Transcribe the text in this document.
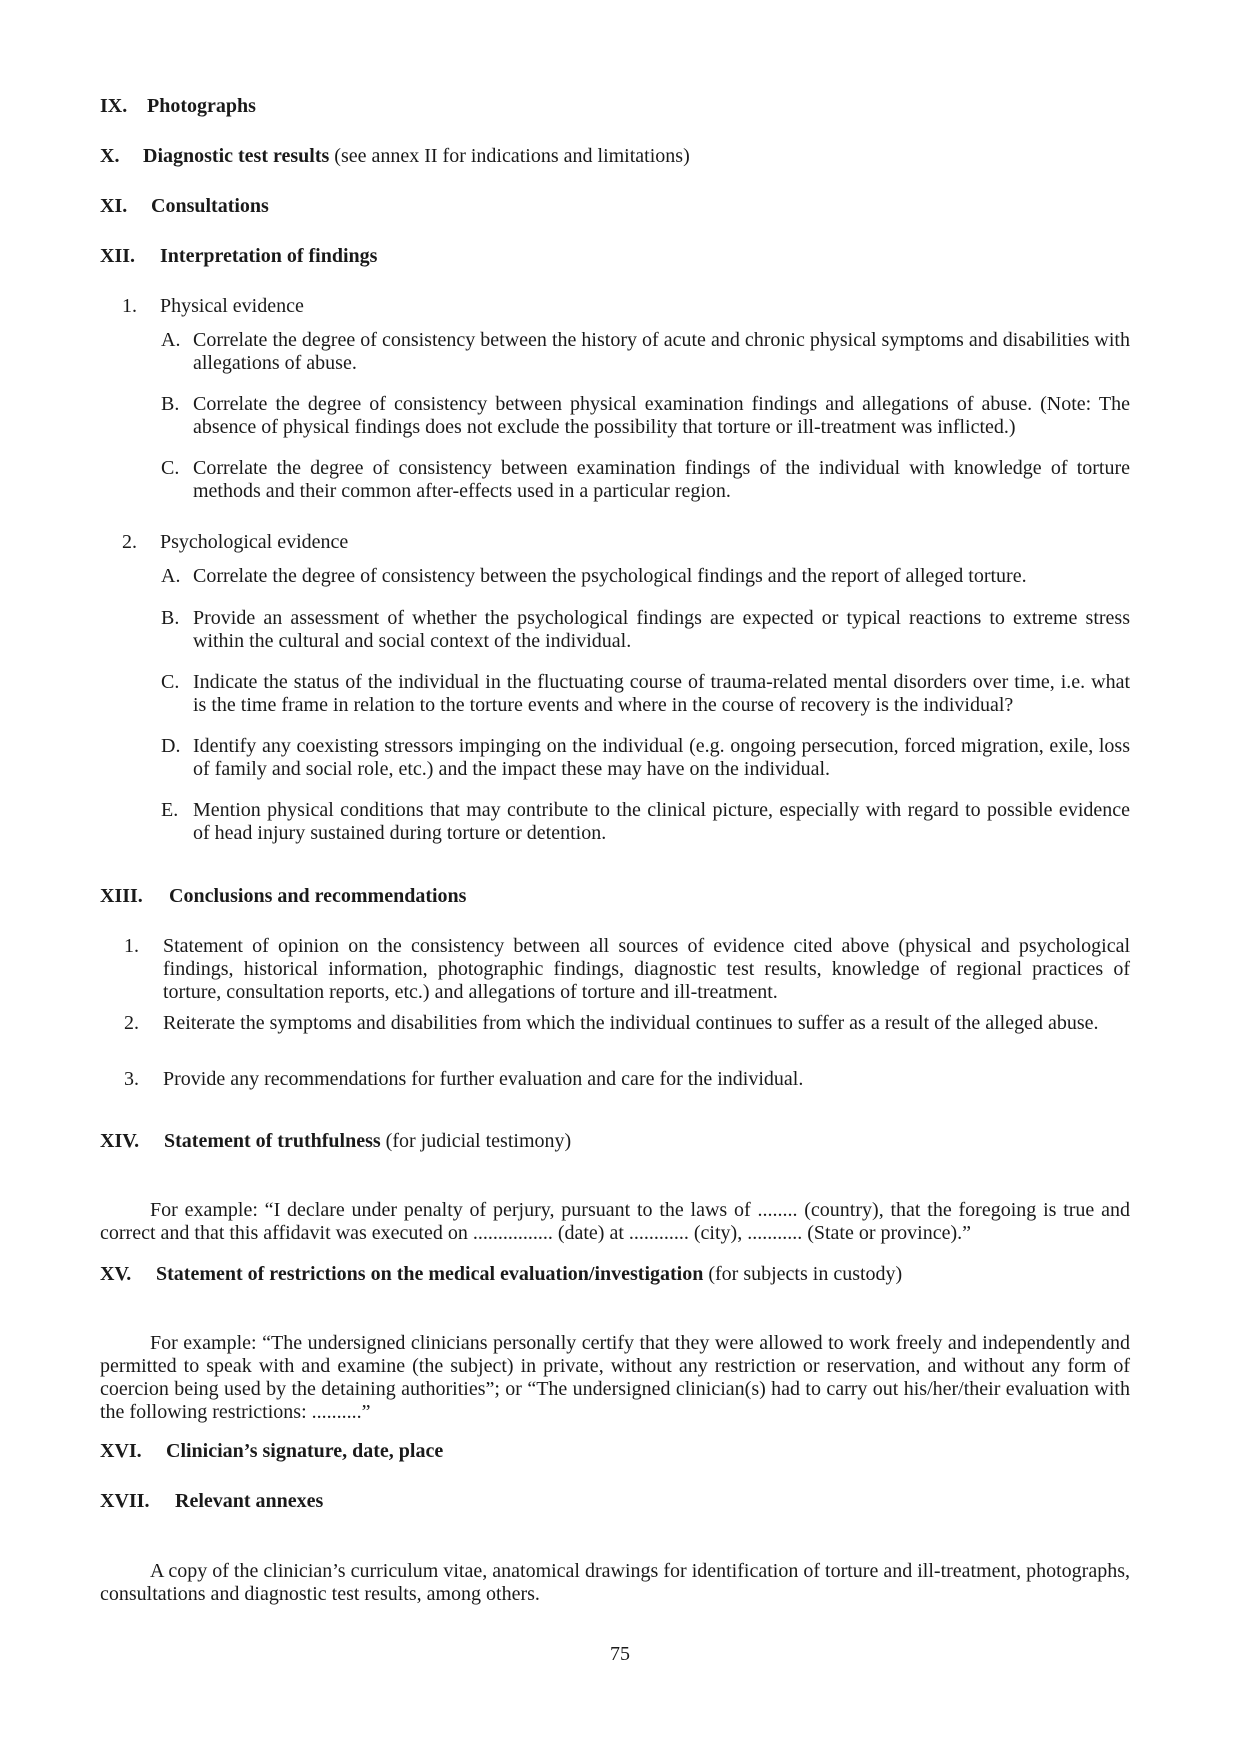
IX. Photographs
X. Diagnostic test results (see annex II for indications and limitations)
XI. Consultations
XII. Interpretation of findings
1. Physical evidence
A. Correlate the degree of consistency between the history of acute and chronic physical symptoms and disabilities with allegations of abuse.
B. Correlate the degree of consistency between physical examination findings and allegations of abuse. (Note: The absence of physical findings does not exclude the possibility that torture or ill-treatment was inflicted.)
C. Correlate the degree of consistency between examination findings of the individual with knowledge of torture methods and their common after-effects used in a particular region.
2. Psychological evidence
A. Correlate the degree of consistency between the psychological findings and the report of alleged torture.
B. Provide an assessment of whether the psychological findings are expected or typical reactions to extreme stress within the cultural and social context of the individual.
C. Indicate the status of the individual in the fluctuating course of trauma-related mental disorders over time, i.e. what is the time frame in relation to the torture events and where in the course of recovery is the individual?
D. Identify any coexisting stressors impinging on the individual (e.g. ongoing persecution, forced migration, exile, loss of family and social role, etc.) and the impact these may have on the individual.
E. Mention physical conditions that may contribute to the clinical picture, especially with regard to possible evidence of head injury sustained during torture or detention.
XIII. Conclusions and recommendations
1.	Statement of opinion on the consistency between all sources of evidence cited above (physical and psychological findings, historical information, photographic findings, diagnostic test results, knowledge of regional practices of torture, consultation reports, etc.) and allegations of torture and ill-treatment.
2.	Reiterate the symptoms and disabilities from which the individual continues to suffer as a result of the alleged abuse.
3.	Provide any recommendations for further evaluation and care for the individual.
XIV. Statement of truthfulness (for judicial testimony)

For example: “I declare under penalty of perjury, pursuant to the laws of ........ (country), that the foregoing is true and correct and that this affidavit was executed on ................ (date) at ............ (city), ........... (State or province).”

XV. Statement of restrictions on the medical evaluation/investigation (for subjects in custody)

For example: “The undersigned clinicians personally certify that they were allowed to work freely and independently and permitted to speak with and examine (the subject) in private, without any restriction or reservation, and without any form of coercion being used by the detaining authorities”; or “The undersigned clinician(s) had to carry out his/her/their evaluation with the following restrictions: ..........”

XVI. Clinician’s signature, date, place
XVII. Relevant annexes

A copy of the clinician’s curriculum vitae, anatomical drawings for identification of torture and ill-treatment, photographs, consultations and diagnostic test results, among others.

75
